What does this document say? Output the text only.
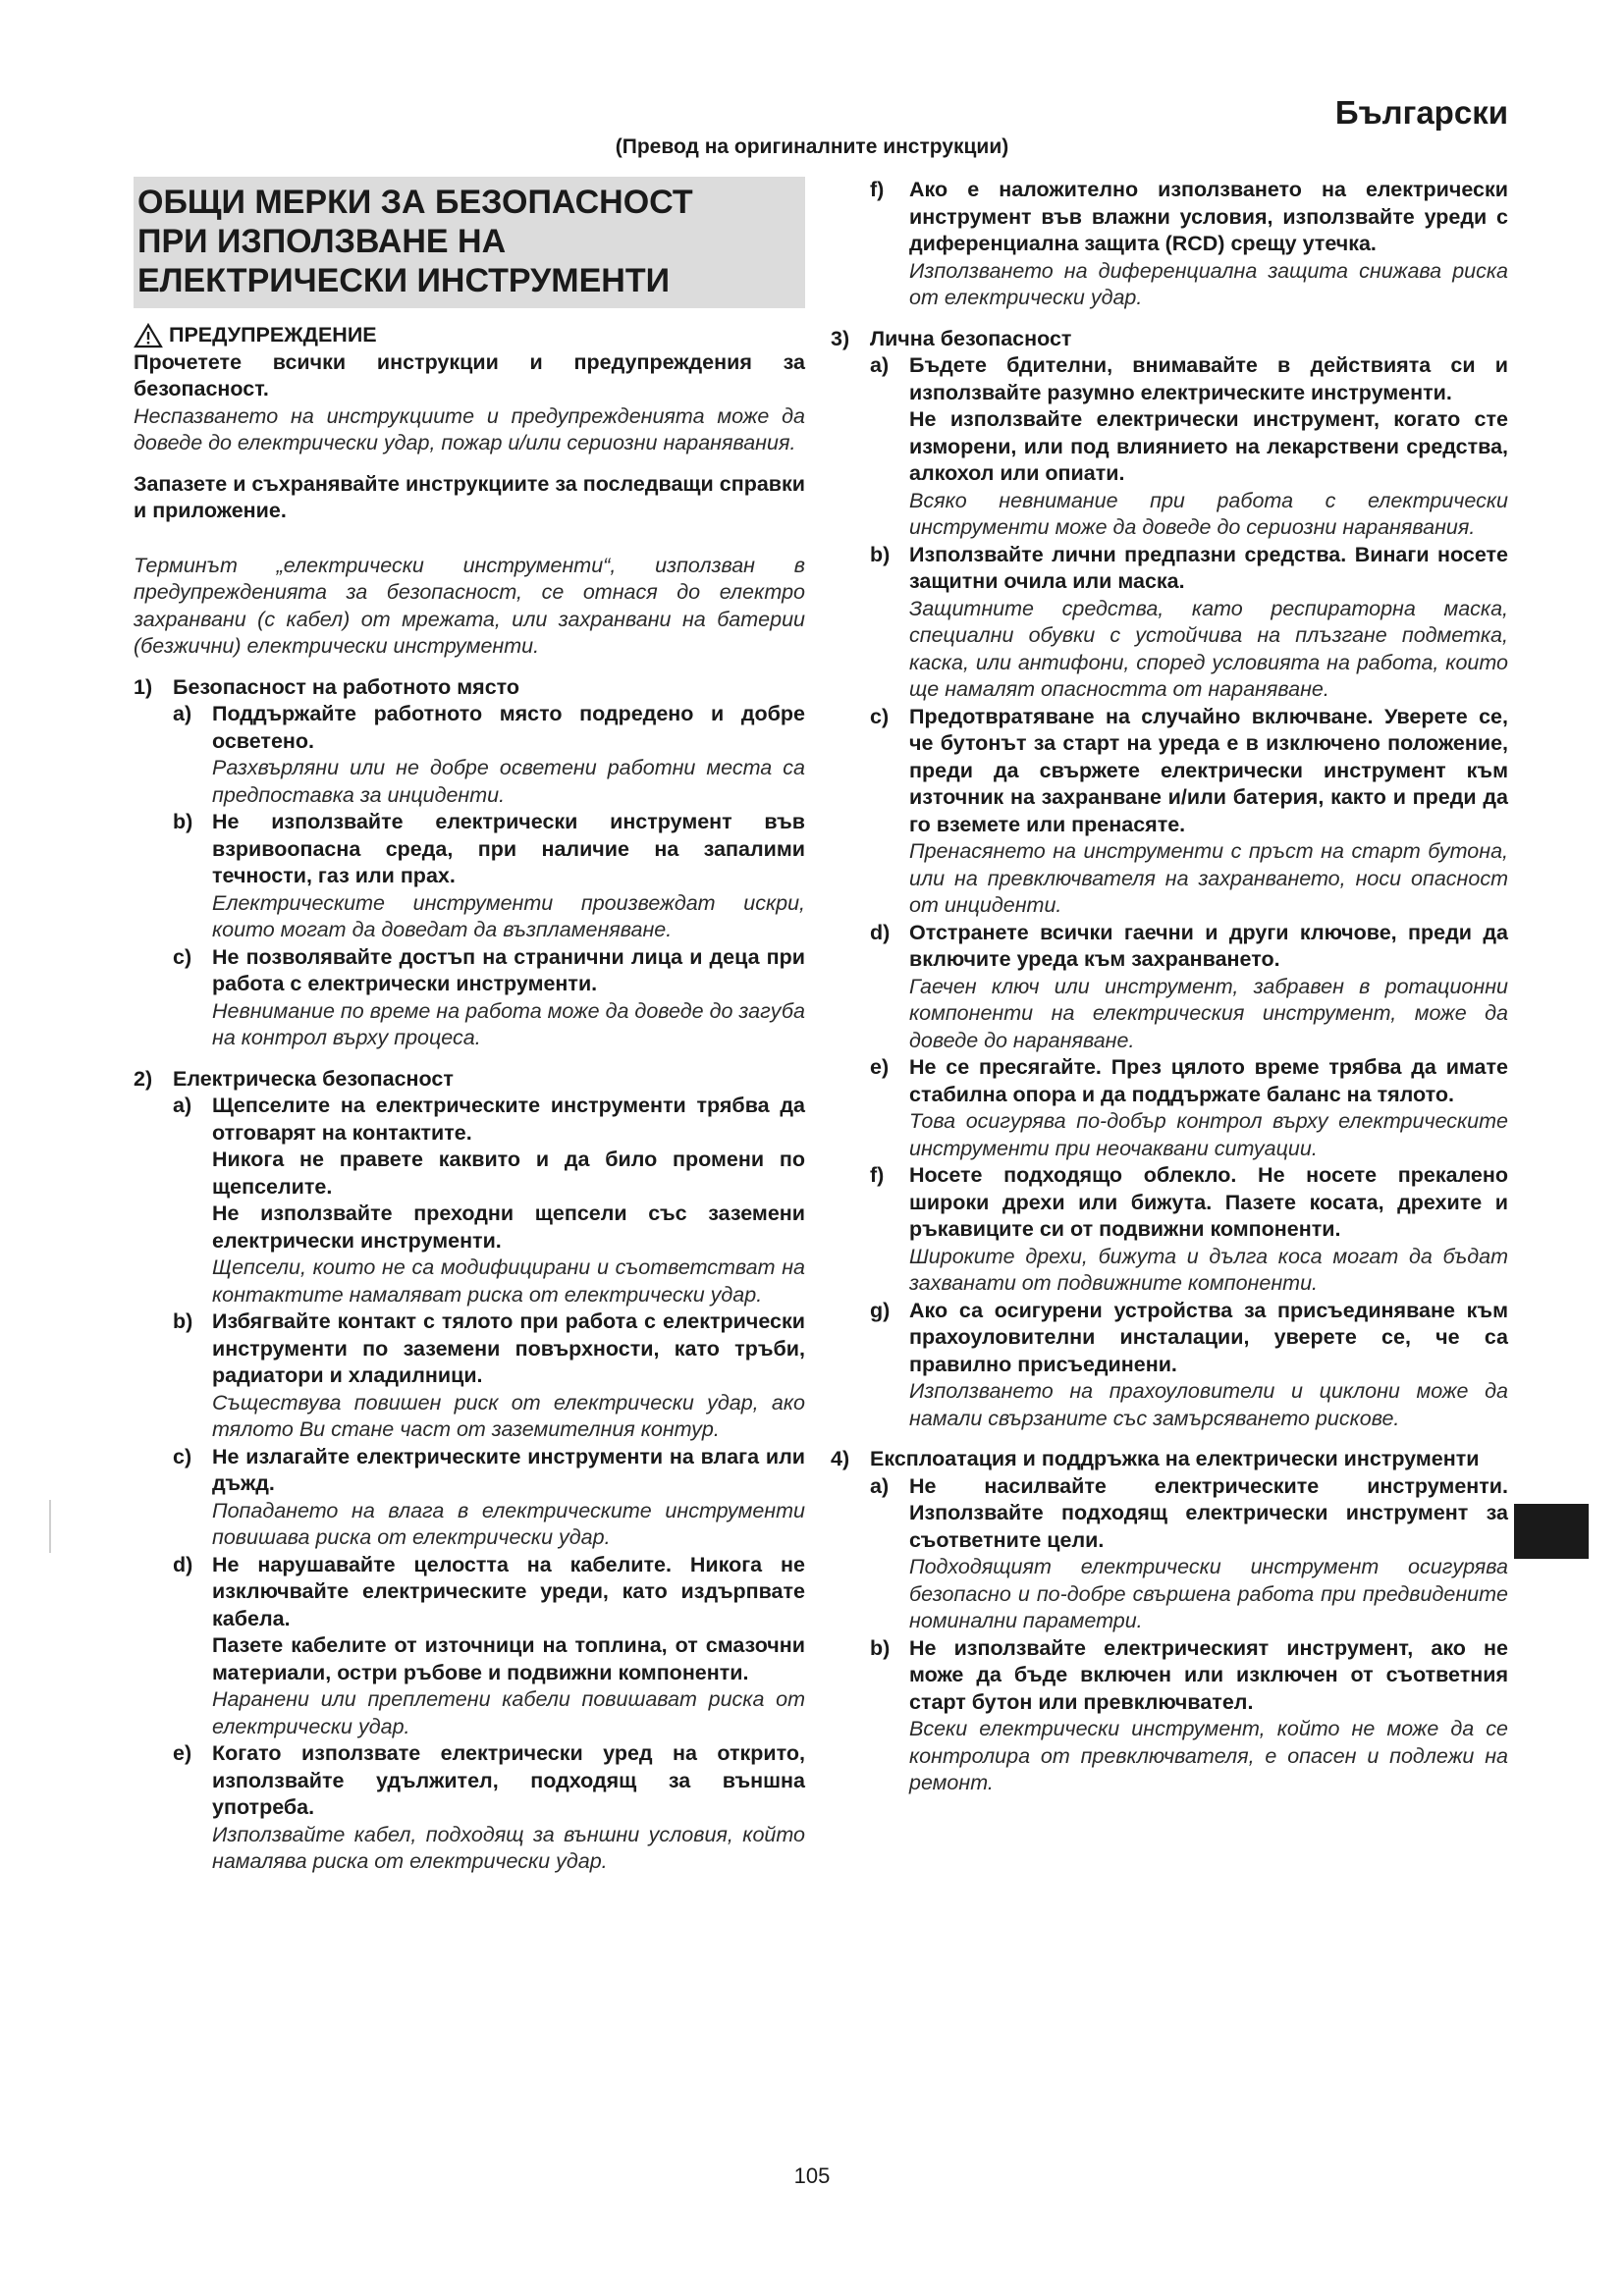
Български
(Превод на оригиналните инструкции)
ОБЩИ МЕРКИ ЗА БЕЗОПАСНОСТ
ПРИ ИЗПОЛЗВАНЕ НА
ЕЛЕКТРИЧЕСКИ ИНСТРУМЕНТИ
ПРЕДУПРЕЖДЕНИЕ
Прочетете всички инструкции и предупреждения за безопасност.
Неспазването на инструкциите и предупрежденията може да доведе до електрически удар, пожар и/или сериозни наранявания.
Запазете и съхранявайте инструкциите за последващи справки и приложение.
Терминът „електрически инструменти“, използван в предупрежденията за безопасност, се отнася до електро захранвани (с кабел) от мрежата, или захранвани на батерии (безжични) електрически инструменти.
1) Безопасност на работното място
a) Поддържайте работното място подредено и добре осветено.
Разхвърляни или не добре осветени работни места са предпоставка за инциденти.
b) Не използвайте електрически инструмент във взривоопасна среда, при наличие на запалими течности, газ или прах.
Електрическите инструменти произвеждат искри, които могат да доведат да възпламеняване.
c) Не позволявайте достъп на странични лица и деца при работа с електрически инструменти.
Невнимание по време на работа може да доведе до загуба на контрол върху процеса.
2) Електрическа безопасност
a) Щепселите на електрическите инструменти трябва да отговарят на контактите.
Никога не правете каквито и да било промени по щепселите.
Не използвайте преходни щепсели със заземени електрически инструменти.
Щепсели, които не са модифицирани и съответстват на контактите намаляват риска от електрически удар.
b) Избягвайте контакт с тялото при работа с електрически инструменти по заземени повърхности, като тръби, радиатори и хладилници.
Съществува повишен риск от електрически удар, ако тялото Ви стане част от заземителния контур.
c) Не излагайте електрическите инструменти на влага или дъжд.
Попадането на влага в електрическите инструменти повишава риска от електрически удар.
d) Не нарушавайте целостта на кабелите. Никога не изключвайте електрическите уреди, като издърпвате кабела.
Пазете кабелите от източници на топлина, от смазочни материали, остри ръбове и подвижни компоненти.
Наранени или преплетени кабели повишават риска от електрически удар.
e) Когато използвате електрически уред на открито, използвайте удължител, подходящ за външна употреба.
Използвайте кабел, подходящ за външни условия, който намалява риска от електрически удар.
f)	Ако е наложително използването на електрически инструмент във влажни условия, използвайте уреди с диференциална защита (RCD) срещу утечка.
Използването на диференциална защита снижава риска от електрически удар.
3) Лична безопасност
a) Бъдете бдителни, внимавайте в действията си и използвайте разумно електрическите инструменти.
Не използвайте електрически инструмент, когато сте изморени, или под влиянието на лекарствени средства, алкохол или опиати.
Всяко невнимание при работа с електрически инструменти може да доведе до сериозни наранявания.
b) Използвайте лични предпазни средства. Винаги носете защитни очила или маска.
Защитните средства, като респираторна маска, специални обувки с устойчива на плъзгане подметка, каска, или антифони, според условията на работа, които ще намалят опасността от нараняване.
c) Предотвратяване на случайно включване. Уверете се, че бутонът за старт на уреда е в изключено положение, преди да свържете електрически инструмент към източник на захранване и/или батерия, както и преди да го вземете или пренасяте.
Пренасянето на инструменти с пръст на старт бутона, или на превключвателя на захранването, носи опасност от инциденти.
d) Отстранете всички гаечни и други ключове, преди да включите уреда към захранването.
Гаечен ключ или инструмент, забравен в ротационни компоненти на електрическия инструмент, може да доведе до нараняване.
e) Не се пресягайте. През цялото време трябва да имате стабилна опора и да поддържате баланс на тялото.
Това осигурява по-добър контрол върху електрическите инструменти при неочаквани ситуации.
f)	Носете подходящо облекло. Не носете прекалено широки дрехи или бижута. Пазете косата, дрехите и ръкавиците си от подвижни компоненти.
Широките дрехи, бижута и дълга коса могат да бъдат захванати от подвижните компоненти.
g) Ако са осигурени устройства за присъединяване към прахоуловителни инсталации, уверете се, че са правилно присъединени.
Използването на прахоуловители и циклони може да намали свързаните със замърсяването рискове.
4) Експлоатация и поддръжка на електрически инструменти
a) Не насилвайте електрическите инструменти. Използвайте подходящ електрически инструмент за съответните цели.
Подходящият електрически инструмент осигурява безопасно и по-добре свършена работа при предвидените номинални параметри.
b) Не използвайте електрическият инструмент, ако не може да бъде включен или изключен от съответния старт бутон или превключвател.
Всеки електрически инструмент, който не може да се контролира от превключвателя, е опасен и подлежи на ремонт.
105
